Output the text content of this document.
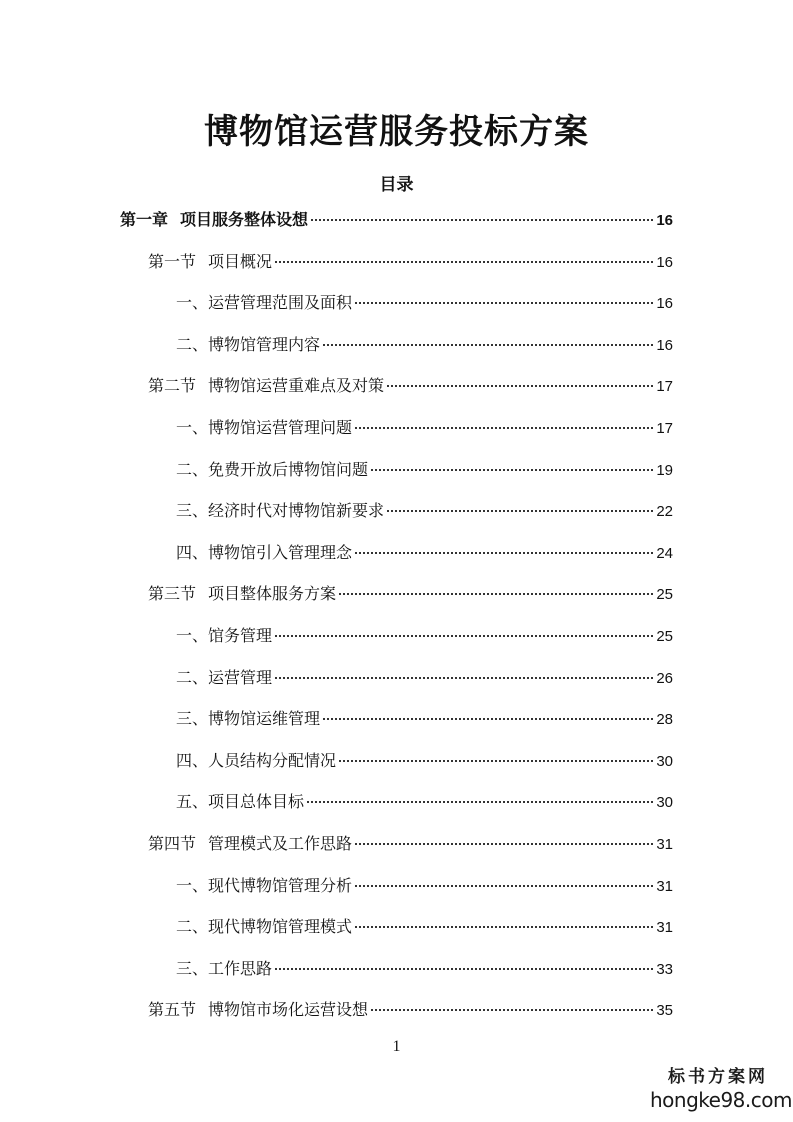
博物馆运营服务投标方案
目录
第一章 项目服务整体设想	16
第一节 项目概况	16
一、运营管理范围及面积	16
二、博物馆管理内容	16
第二节 博物馆运营重难点及对策	17
一、博物馆运营管理问题	17
二、免费开放后博物馆问题	19
三、经济时代对博物馆新要求	22
四、博物馆引入管理理念	24
第三节 项目整体服务方案	25
一、馆务管理	25
二、运营管理	26
三、博物馆运维管理	28
四、人员结构分配情况	30
五、项目总体目标	30
第四节 管理模式及工作思路	31
一、现代博物馆管理分析	31
二、现代博物馆管理模式	31
三、工作思路	33
第五节 博物馆市场化运营设想	35
1
标书方案网
hongke98.com
